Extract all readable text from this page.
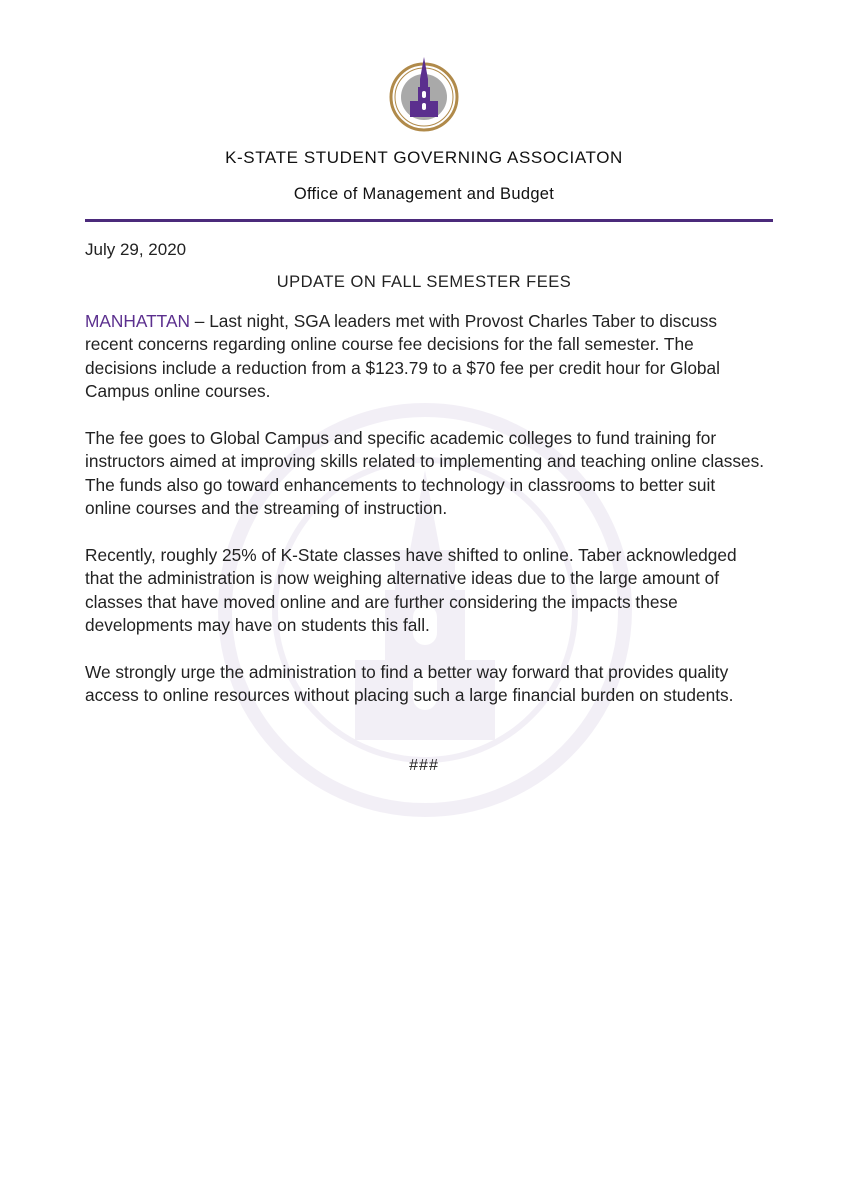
K-STATE STUDENT GOVERNING ASSOCIATON
Office of Management and Budget
July 29, 2020
UPDATE ON FALL SEMESTER FEES

MANHATTAN – Last night, SGA leaders met with Provost Charles Taber to discuss recent concerns regarding online course fee decisions for the fall semester. The decisions include a reduction from a $123.79 to a $70 fee per credit hour for Global Campus online courses.

The fee goes to Global Campus and specific academic colleges to fund training for instructors aimed at improving skills related to implementing and teaching online classes. The funds also go toward enhancements to technology in classrooms to better suit online courses and the streaming of instruction.

Recently, roughly 25% of K-State classes have shifted to online. Taber acknowledged that the administration is now weighing alternative ideas due to the large amount of classes that have moved online and are further considering the impacts these developments may have on students this fall.

We strongly urge the administration to find a better way forward that provides quality access to online resources without placing such a large financial burden on students.

###
